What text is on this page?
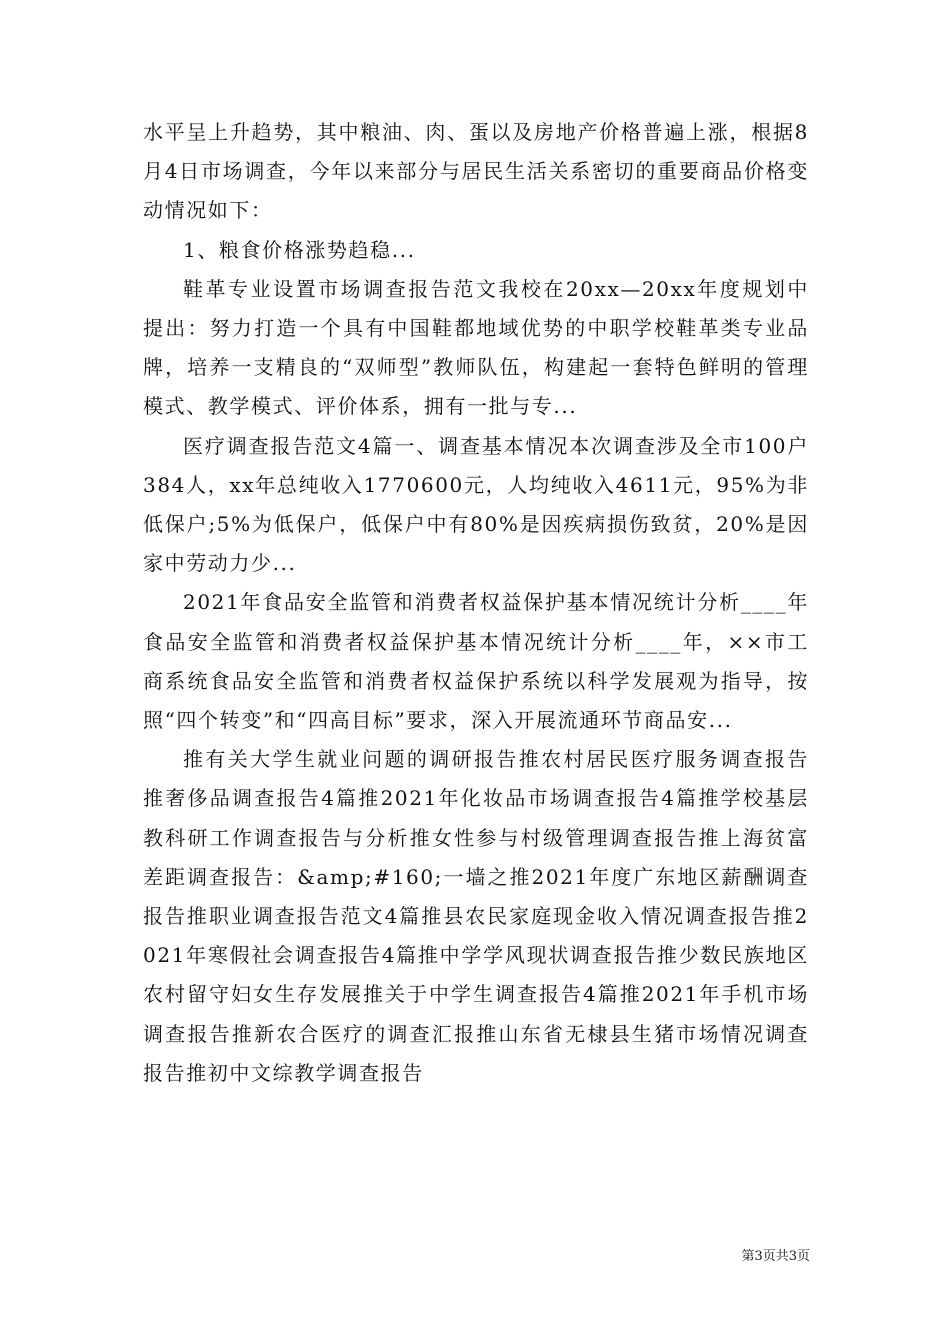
水平呈上升趋势，其中粮油、肉、蛋以及房地产价格普遍上涨，根据8月4日市场调查，今年以来部分与居民生活关系密切的重要商品价格变动情况如下：

1、粮食价格涨势趋稳...

鞋革专业设置市场调查报告范文我校在20xx—20xx年度规划中提出：努力打造一个具有中国鞋都地域优势的中职学校鞋革类专业品牌，培养一支精良的“双师型”教师队伍，构建起一套特色鲜明的管理模式、教学模式、评价体系，拥有一批与专...

医疗调查报告范文4篇一、调查基本情况本次调查涉及全市100户384人，xx年总纯收入1770600元，人均纯收入4611元，95%为非低保户;5%为低保户，低保户中有80%是因疾病损伤致贫，20%是因家中劳动力少...

2021年食品安全监管和消费者权益保护基本情况统计分析____年食品安全监管和消费者权益保护基本情况统计分析____年，××市工商系统食品安全监管和消费者权益保护系统以科学发展观为指导，按照“四个转变”和“四高目标”要求，深入开展流通环节商品安...

推有关大学生就业问题的调研报告推农村居民医疗服务调查报告推奢侈品调查报告4篇推2021年化妆品市场调查报告4篇推学校基层教科研工作调查报告与分析推女性参与村级管理调查报告推上海贫富差距调查报告：&amp;#160;一墙之推2021年度广东地区薪酬调查报告推职业调查报告范文4篇推县农民家庭现金收入情况调查报告推2021年寒假社会调查报告4篇推中学学风现状调查报告推少数民族地区农村留守妇女生存发展推关于中学生调查报告4篇推2021年手机市场调查报告推新农合医疗的调查汇报推山东省无棣县生猪市场情况调查报告推初中文综教学调查报告

第3页共3页
